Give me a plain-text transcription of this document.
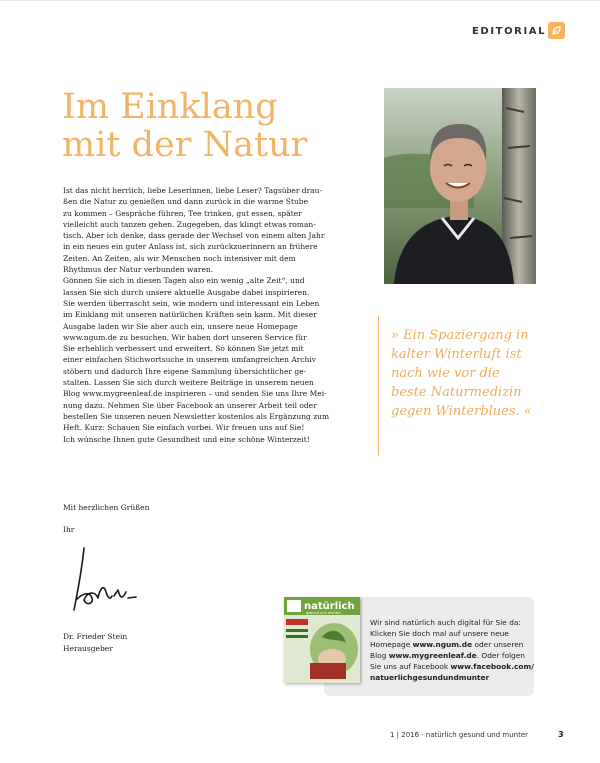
EDITORIAL
Im Einklang
mit der Natur

Ist das nicht herrlich, liebe Leserinnen, liebe Leser? Tagsüber drau-

ßen die Natur zu genießen und dann zurück in die warme Stube

zu kommen – Gespräche führen, Tee trinken, gut essen, später

vielleicht auch tanzen gehen. Zugegeben, das klingt etwas roman-

tisch. Aber ich denke, dass gerade der Wechsel von einem alten Jahr

in ein neues ein guter Anlass ist, sich zurückzuerinnern an frühere

Zeiten. An Zeiten, als wir Menschen noch intensiver mit dem

Rhythmus der Natur verbunden waren.

Gönnen Sie sich in diesen Tagen also ein wenig „alte Zeit“, und

lassen Sie sich durch unsere aktuelle Ausgabe dabei inspirieren.

Sie werden überrascht sein, wie modern und interessant ein Leben

im Einklang mit unseren natürlichen Kräften sein kann. Mit dieser

Ausgabe laden wir Sie aber auch ein, unsere neue Homepage

www.ngum.de zu besuchen. Wir haben dort unseren Service für

Sie erheblich verbessert und erweitert. So können Sie jetzt mit

einer einfachen Stichwortsuche in unserem umfangreichen Archiv

stöbern und dadurch Ihre eigene Sammlung übersichtlicher ge-

stalten. Lassen Sie sich durch weitere Beiträge in unserem neuen

Blog www.mygreenleaf.de inspirieren – und senden Sie uns Ihre Mei-

nung dazu. Nehmen Sie über Facebook an unserer Arbeit teil oder

bestellen Sie unseren neuen Newsletter kostenlos als Ergänzung zum

Heft. Kurz: Schauen Sie einfach vorbei. Wir freuen uns auf Sie!

Ich wünsche Ihnen gute Gesundheit und eine schöne Winterzeit!

Mit herzlichen Grüßen
Ihr
Dr. Frieder Stein
Herausgeber
» Ein Spaziergang in kalter Winterluft ist nach wie vor die beste Naturmedizin gegen Winterblues. «
natürlich
gesund und munter
Wir sind natürlich auch digital für Sie da:
Klicken Sie doch mal auf unsere neue
Homepage www.ngum.de oder unseren
Blog www.mygreenleaf.de. Oder folgen
Sie uns auf Facebook www.facebook.com/
natuerlichgesundundmunter
1 | 2016 · natürlich gesund und munter	3
